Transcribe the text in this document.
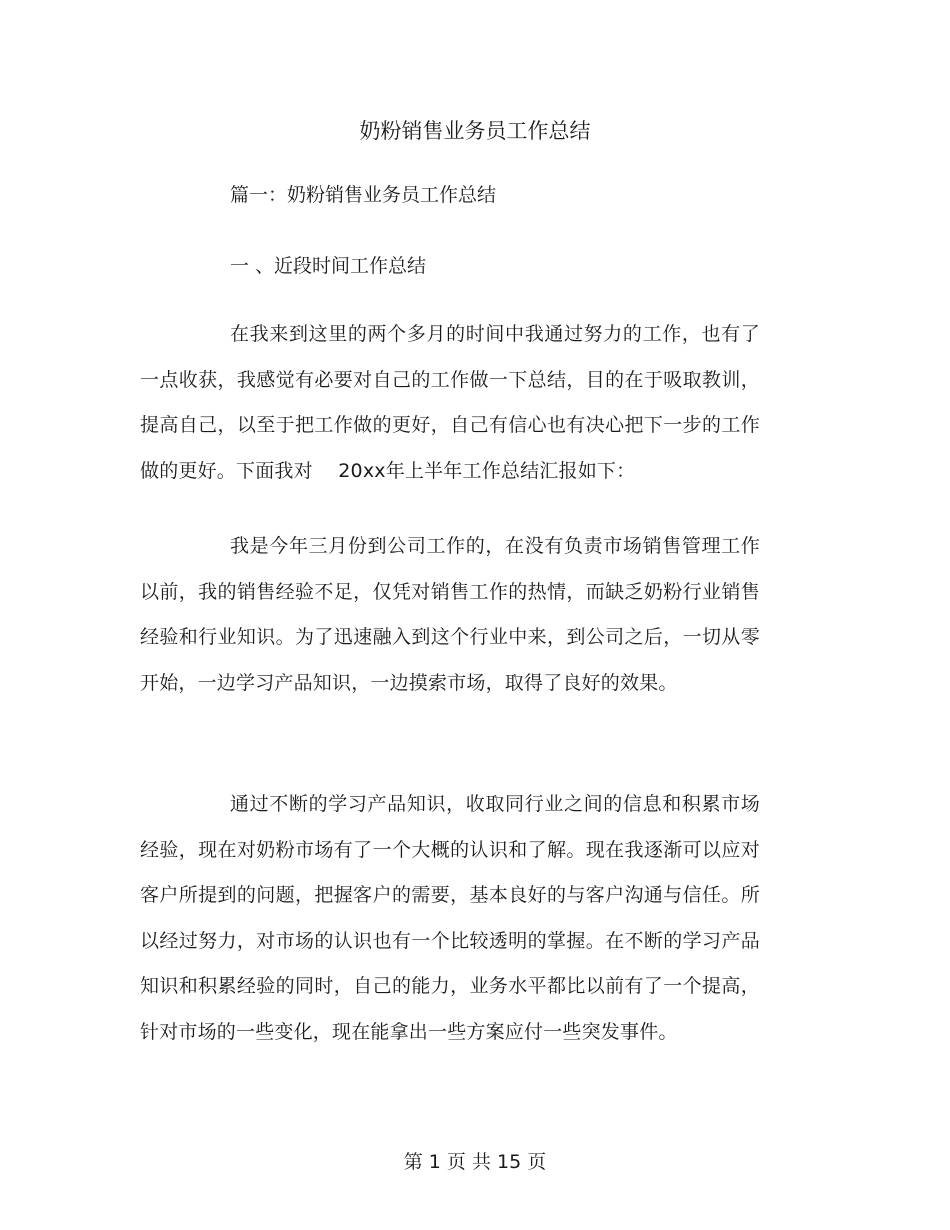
奶粉销售业务员工作总结
篇一：奶粉销售业务员工作总结
一 、近段时间工作总结

在我来到这里的两个多月的时间中我通过努力的工作，也有了一点收获，我感觉有必要对自己的工作做一下总结，目的在于吸取教训，提高自己，以至于把工作做的更好，自己有信心也有决心把下一步的工作做的更好。下面我对　 20xx年上半年工作总结汇报如下：

我是今年三月份到公司工作的，在没有负责市场销售管理工作以前，我的销售经验不足，仅凭对销售工作的热情，而缺乏奶粉行业销售经验和行业知识。为了迅速融入到这个行业中来，到公司之后，一切从零开始，一边学习产品知识，一边摸索市场，取得了良好的效果。

通过不断的学习产品知识，收取同行业之间的信息和积累市场经验，现在对奶粉市场有了一个大概的认识和了解。现在我逐渐可以应对客户所提到的问题，把握客户的需要，基本良好的与客户沟通与信任。所以经过努力，对市场的认识也有一个比较透明的掌握。在不断的学习产品知识和积累经验的同时，自己的能力，业务水平都比以前有了一个提高，针对市场的一些变化，现在能拿出一些方案应付一些突发事件。

第 1 页 共 15 页
